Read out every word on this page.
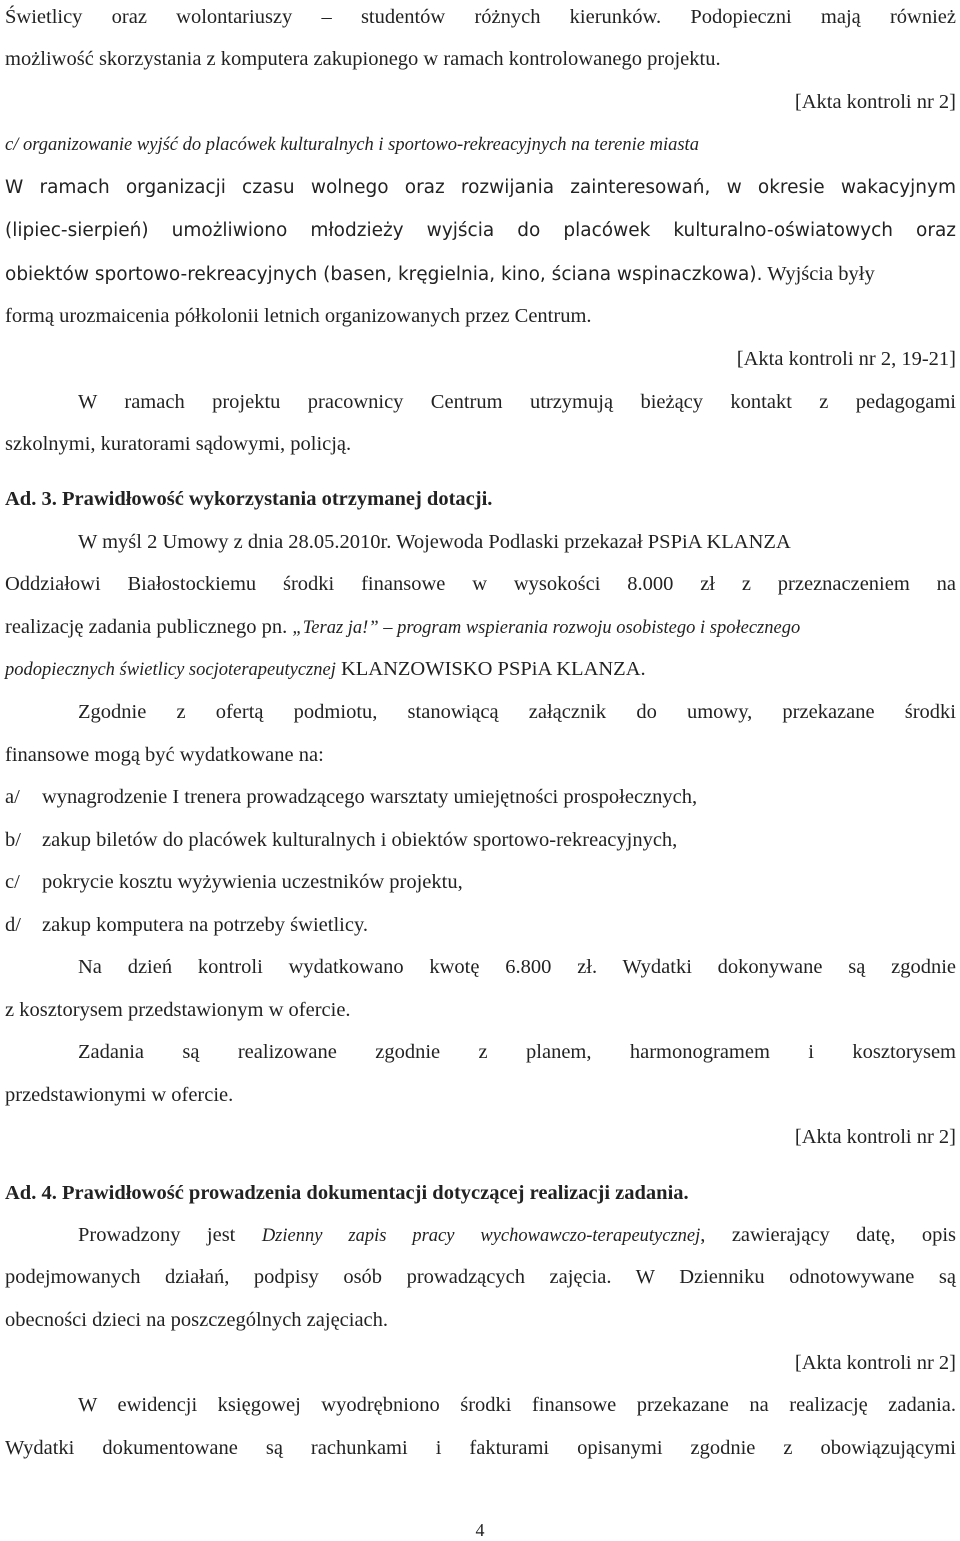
Świetlicy oraz wolontariuszy – studentów różnych kierunków. Podopieczni mają również
możliwość skorzystania z komputera zakupionego w ramach kontrolowanego projektu.
[Akta kontroli nr 2]
c/ organizowanie wyjść do placówek kulturalnych i sportowo-rekreacyjnych na terenie miasta
W ramach organizacji czasu wolnego oraz rozwijania zainteresowań, w okresie wakacyjnym
(lipiec-sierpień) umożliwiono młodzieży wyjścia do placówek kulturalno-oświatowych oraz
obiektów sportowo-rekreacyjnych (basen, kręgielnia, kino, ściana wspinaczkowa). Wyjścia były
formą urozmaicenia półkolonii letnich organizowanych przez Centrum.
[Akta kontroli nr 2, 19-21]
W ramach projektu pracownicy Centrum utrzymują bieżący kontakt z pedagogami
szkolnymi, kuratorami sądowymi, policją.
Ad. 3. Prawidłowość wykorzystania otrzymanej dotacji.
W myśl 2 Umowy z dnia 28.05.2010r. Wojewoda Podlaski przekazał PSPiA KLANZA
Oddziałowi Białostockiemu środki finansowe w wysokości 8.000 zł z przeznaczeniem na
realizację zadania publicznego pn. „Teraz ja!” – program wspierania rozwoju osobistego i społecznego
podopiecznych świetlicy socjoterapeutycznej KLANZOWISKO PSPiA KLANZA.
Zgodnie z ofertą podmiotu, stanowiącą załącznik do umowy, przekazane środki
finansowe mogą być wydatkowane na:
a/ wynagrodzenie I trenera prowadzącego warsztaty umiejętności prospołecznych,
b/ zakup biletów do placówek kulturalnych i obiektów sportowo-rekreacyjnych,
c/ pokrycie kosztu wyżywienia uczestników projektu,
d/ zakup komputera na potrzeby świetlicy.
Na dzień kontroli wydatkowano kwotę 6.800 zł. Wydatki dokonywane są zgodnie
z kosztorysem przedstawionym w ofercie.
Zadania są realizowane zgodnie z planem, harmonogramem i kosztorysem
przedstawionymi w ofercie.
[Akta kontroli nr 2]
Ad. 4. Prawidłowość prowadzenia dokumentacji dotyczącej realizacji zadania.
Prowadzony jest Dzienny zapis pracy wychowawczo-terapeutycznej, zawierający datę, opis
podejmowanych działań, podpisy osób prowadzących zajęcia. W Dzienniku odnotowywane są
obecności dzieci na poszczególnych zajęciach.
[Akta kontroli nr 2]
W ewidencji księgowej wyodrębniono środki finansowe przekazane na realizację zadania.
Wydatki dokumentowane są rachunkami i fakturami opisanymi zgodnie z obowiązującymi
4
